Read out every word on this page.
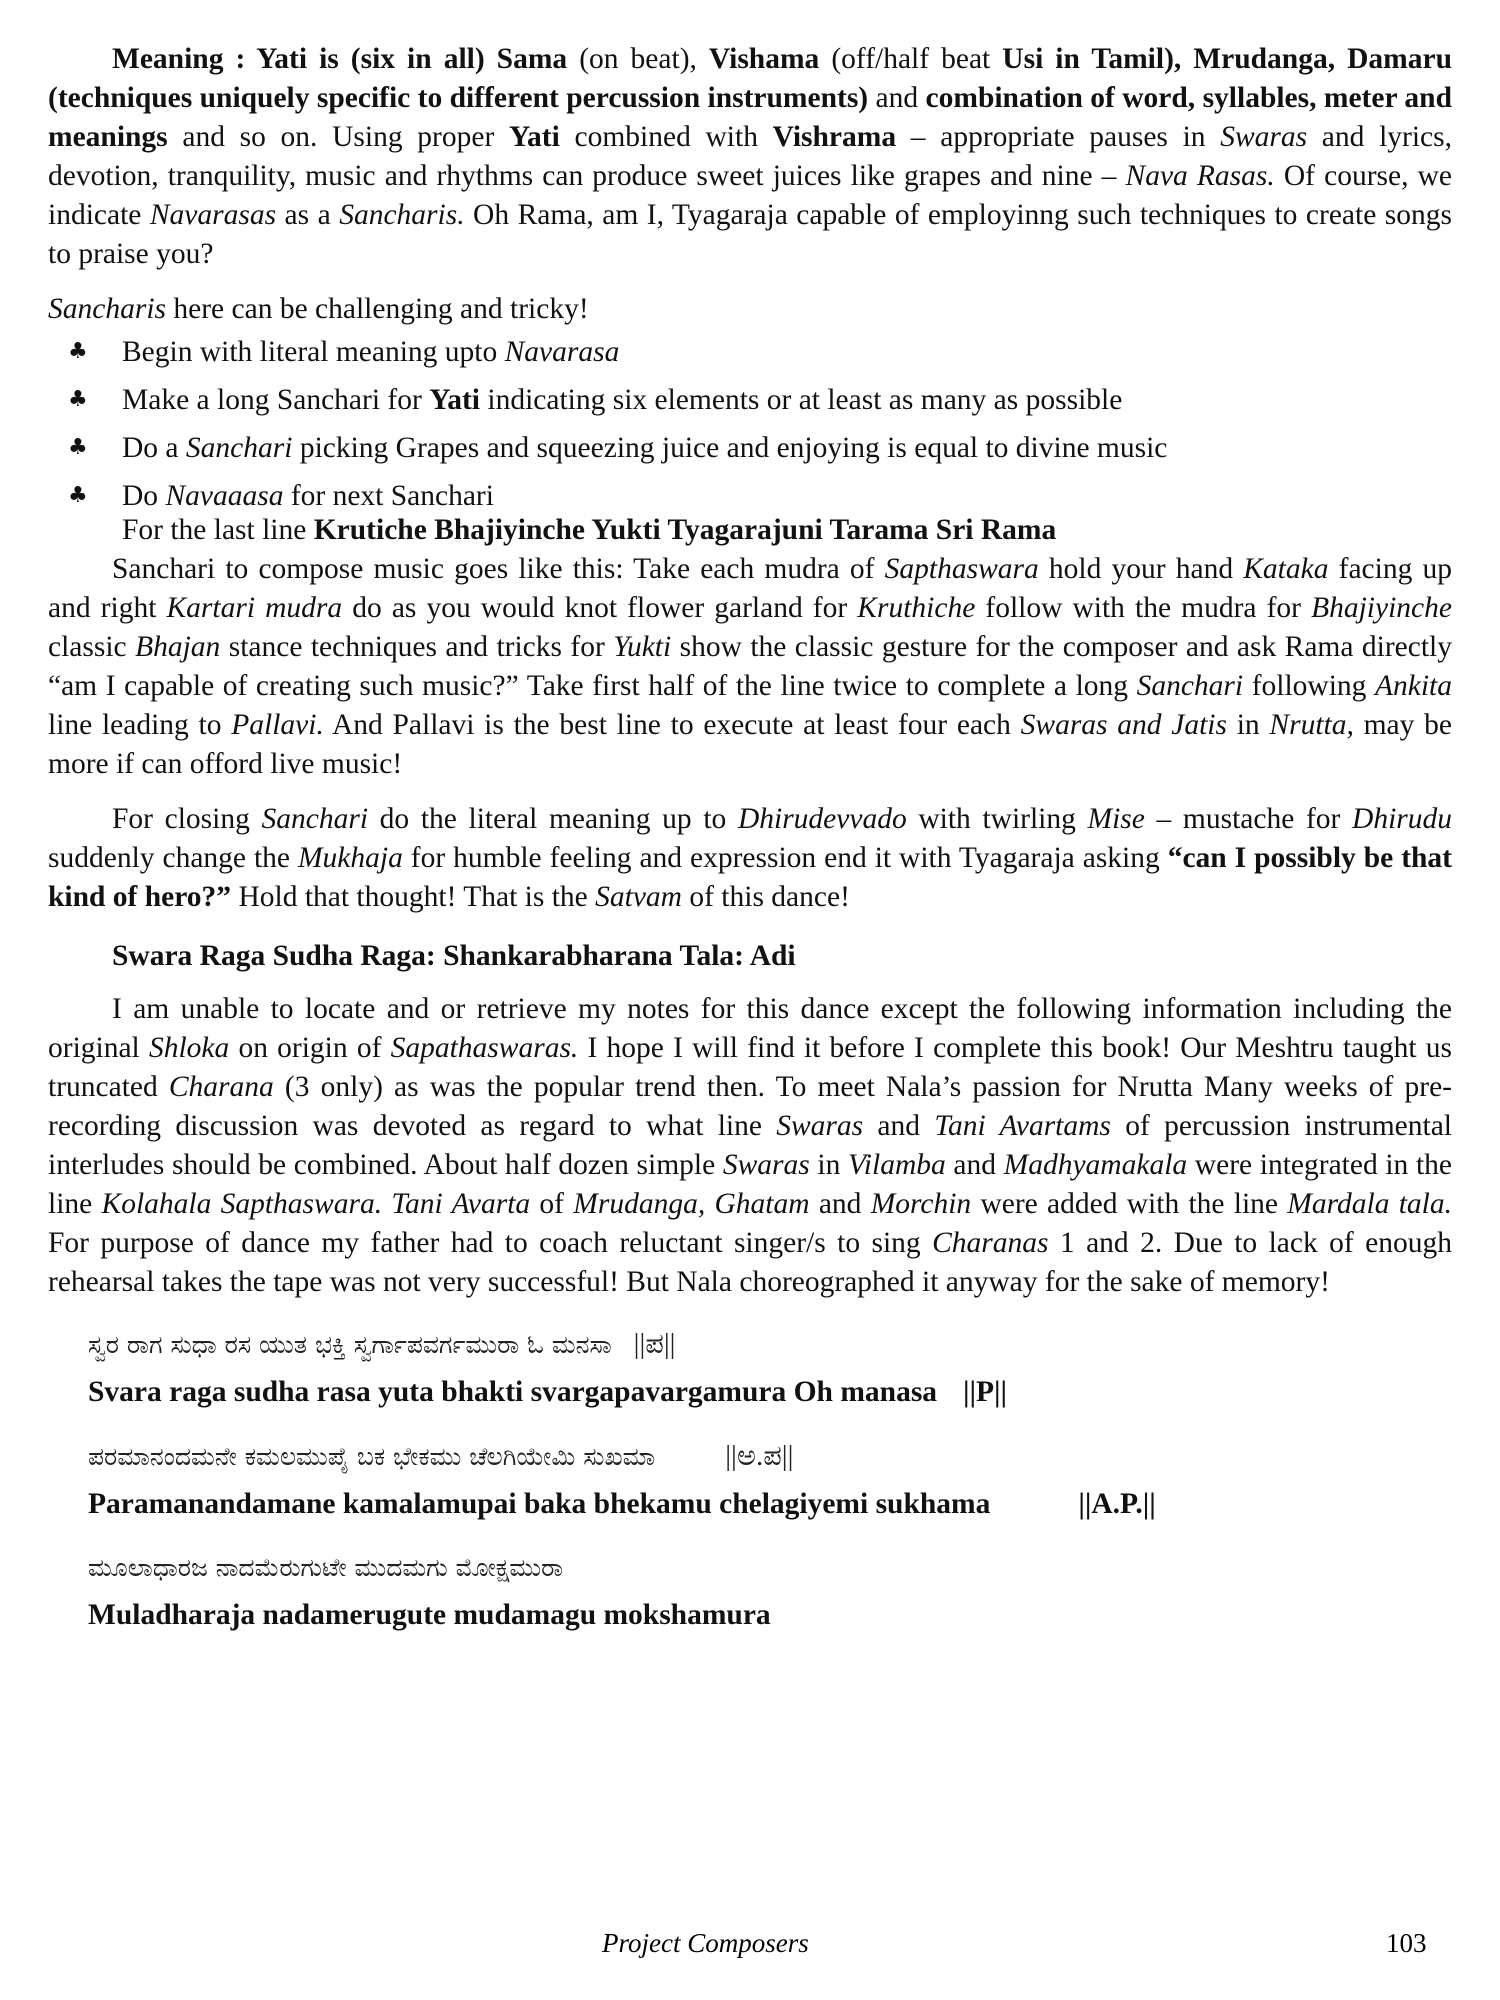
Meaning : Yati is (six in all) Sama (on beat), Vishama (off/half beat Usi in Tamil), Mrudanga, Damaru (techniques uniquely specific to different percussion instruments) and combination of word, syllables, meter and meanings and so on. Using proper Yati combined with Vishrama – appropriate pauses in Swaras and lyrics, devotion, tranquility, music and rhythms can produce sweet juices like grapes and nine – Nava Rasas. Of course, we indicate Navarasas as a Sancharis. Oh Rama, am I, Tyagaraja capable of employinng such techniques to create songs to praise you?

Sancharis here can be challenging and tricky!

♣ Begin with literal meaning upto Navarasa
♣ Make a long Sanchari for Yati indicating six elements or at least as many as possible
♣ Do a Sanchari picking Grapes and squeezing juice and enjoying is equal to divine music
♣ Do Navaaasa for next Sanchari
For the last line Krutiche Bhajiyinche Yukti Tyagarajuni Tarama Sri Rama

Sanchari to compose music goes like this: Take each mudra of Sapthaswara hold your hand Kataka facing up and right Kartari mudra do as you would knot flower garland for Kruthiche follow with the mudra for Bhajiyinche classic Bhajan stance techniques and tricks for Yukti show the classic gesture for the composer and ask Rama directly “am I capable of creating such music?” Take first half of the line twice to complete a long Sanchari following Ankita line leading to Pallavi. And Pallavi is the best line to execute at least four each Swaras and Jatis in Nrutta, may be more if can offord live music!

For closing Sanchari do the literal meaning up to Dhirudevvado with twirling Mise – mustache for Dhirudu suddenly change the Mukhaja for humble feeling and expression end it with Tyagaraja asking “can I possibly be that kind of hero?” Hold that thought! That is the Satvam of this dance!

Swara Raga Sudha Raga: Shankarabharana Tala: Adi

I am unable to locate and or retrieve my notes for this dance except the following information including the original Shloka on origin of Sapathaswaras. I hope I will find it before I complete this book! Our Meshtru taught us truncated Charana (3 only) as was the popular trend then. To meet Nala’s passion for Nrutta Many weeks of pre-recording discussion was devoted as regard to what line Swaras and Tani Avartams of percussion instrumental interludes should be combined. About half dozen simple Swaras in Vilamba and Madhyamakala were integrated in the line Kolahala Sapthaswara. Tani Avarta of Mrudanga, Ghatam and Morchin were added with the line Mardala tala. For purpose of dance my father had to coach reluctant singer/s to sing Charanas 1 and 2. Due to lack of enough rehearsal takes the tape was not very successful! But Nala choreographed it anyway for the sake of memory!

ಸ್ವರ ರಾಗ ಸುಧಾ ರಸ ಯುತ ಭಕ್ತಿ ಸ್ವರ್ಗಾಪವರ್ಗಮುರಾ ಓ ಮನಸಾ ||ಪ||
Svara raga sudha rasa yuta bhakti svargapavargamura Oh manasa ||P||
ಪರಮಾನಂದಮನೇ ಕಮಲಮುಪೈ ಬಕ ಭೇಕಮು ಚೆಲಗಿಯೇಮಿ ಸುಖಮಾ ||ಅ.ಪ||
Paramanandamane kamalamupai baka bhekamu chelagiyemi sukhama	||A.P.||
ಮೂಲಾಧಾರಜ ನಾದಮೆರುಗುಟೇ ಮುದಮಗು ಮೋಕ್ಷಮುರಾ
Muladharaja nadamerugute mudamagu mokshamura
Project Composers	103
